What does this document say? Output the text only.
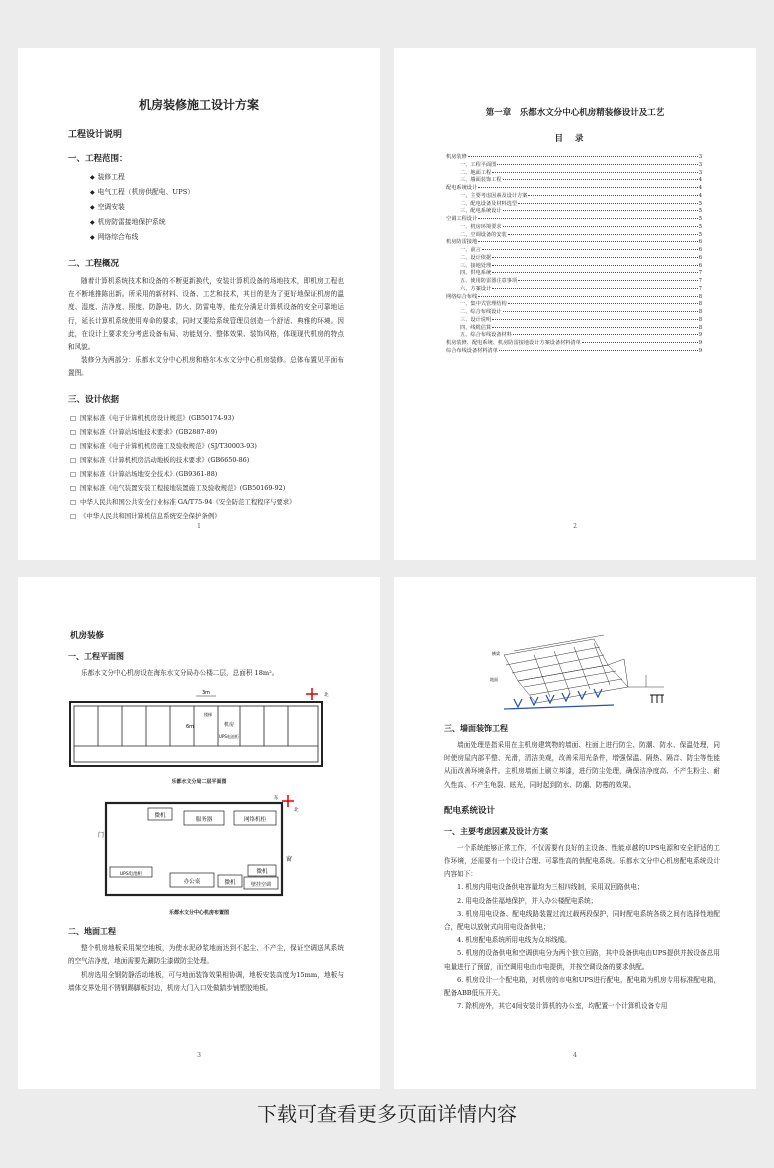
机房装修施工设计方案
工程设计说明
一、工程范围：
◆ 装修工程
◆ 电气工程（机房供配电、UPS）
◆ 空调安装
◆ 机房防雷接地保护系统
◆ 网络综合布线
二、工程概况

随着计算机系统技术和设备的不断更新换代，安装计算机设备的场地技术，即机房工程也在不断地推陈出新。所采用的新材料、设备、工艺和技术，其目的是为了更好地保证机房的温度、湿度、洁净度、照度、防静电、防火、防雷电等，能充分满足计算机设备的安全可靠地运行，延长计算机系统使用寿命的要求，同时又要给系统管理员创造一个舒适、典雅的环境。因此，在设计上要求充分考虑设备布局、功能划分、整体效果、装饰风格，体现现代机房的特点和风貌。

装修分为两部分：乐都水文分中心机房和格尔木水文分中心机房装修。总体布置见平面布置图。

三、设计依据
□ 国家标准《电子计算机机房设计规范》(GB50174-93)
□ 国家标准《计算站场地技术要求》(GB2887-89)
□ 国家标准《电子计算机机房施工及验收规范》(SJ/T30003-93)
□ 国家标准《计算机机房活动地板的技术要求》(GB6650-86)
□ 国家标准《计算站场地安全技术》(GB9361-88)
□ 国家标准《电气装置安装工程接地装置施工及验收规范》(GB50169-92)
□ 中华人民共和国公共安全行业标准 GA/T75-94《安全防范工程程序与要求》
□ 《中华人民共和国计算机信息系统安全保护条例》
1
第一章　乐都水文分中心机房精装修设计及工艺
目录
机房装修	3
一、工程平面图	3
二、地面工程	3
三、墙面装饰工程	4
配电系统设计	4
一、主要考虑因素及设计方案	4
二、配电设备及材料选型	5
三、配电系统设计	5
空调工程设计	5
一、机房环境要求	5
二、空调设备的安装	5
机房防雷接地	6
一、前言	6
二、设计依据	6
三、接地处理	6
四、供电系统	7
五、使用防雷器注意事项	7
六、方案设计	7
网络综合布线	8
一、集中式管理结构	8
二、综合布线设计	8
三、设计说明	8
四、线缆估算	8
五、综合布线设备材料	9
机房装修、配电系统、机房防雷接地设计方案设备材料清单	9
综合布线设备材料清单	9
2
机房装修
一、工程平面图

乐都水文分中心机房设在海东水文分局办公楼二层，总面积 18m²。

3m
6m	机房
UPS电池柜
楼梯
北
乐都水文分局二层平面图
门
窗
东
北
微机
服务器	网络机柜
UPS电池柜
办公桌	微机
微机
壁挂空调
乐都水文分中心机房布置图
二、地面工程

整个机房地板采用架空地板，为使水泥砂浆地面达到不起尘、不产尘，保证空调送风系统的空气洁净度，地面需要先涮防尘漆做防尘处理。

机房选用全钢防静活动地板，可与地面装饰效果相协调，地板安装高度为15mm，地板与墙体交界处用不锈钢踢脚板封边，机房大门入口处做踏步铺塑胶地板。

3
横梁
地面
三、墙面装饰工程

墙面处理是指采用在主机房建筑物的墙面、柱面上进行防尘、防潮、防水、保温处理，同时使房屋内部平整、光滑，清洁美观，改善采用光条件，增强保温、隔热、隔音、防尘等性能从而改善环境条件。主机房墙面上刷立邦漆，进行防尘处理，确保洁净度高、不产生粉尘、耐久性高、不产生龟裂、眩光，同时起到防水、防潮、防霉的效果。

配电系统设计
一、主要考虑因素及设计方案

一个系统能够正常工作，不仅需要有良好的主设备、性能卓越的UPS电源和安全舒适的工作环境，还需要有一个设计合理、可靠性高的供配电系统。乐都水文分中心机房配电系统设计内容如下：

1. 机房内用电设备供电容量均为三相四线制，采用双回路供电；

2. 用电设备住福地保护，并入办公楼配电系统；

3. 机房用电设备、配电线路装置过流过载两段保护，同时配电系统各级之间有选择性地配合，配电以放射式向用电设备供电；

4. 机房配电系统所用电线为众邦线缆。

5. 机房的设备供电和空调供电分为两个独立回路，其中设备供电由UPS提供并按设备总用电量进行了预留，而空调用电由市电提供，并按空调设备的要求供配。

6. 机房设计一个配电箱，对机房的市电和UPS进行配电，配电箱为机房专用标准配电箱，配备ABB低压开关。

7. 除机房外，其它4间安装计算机的办公室，均配置一个计算机设备专用

4
下载可查看更多页面详情内容
